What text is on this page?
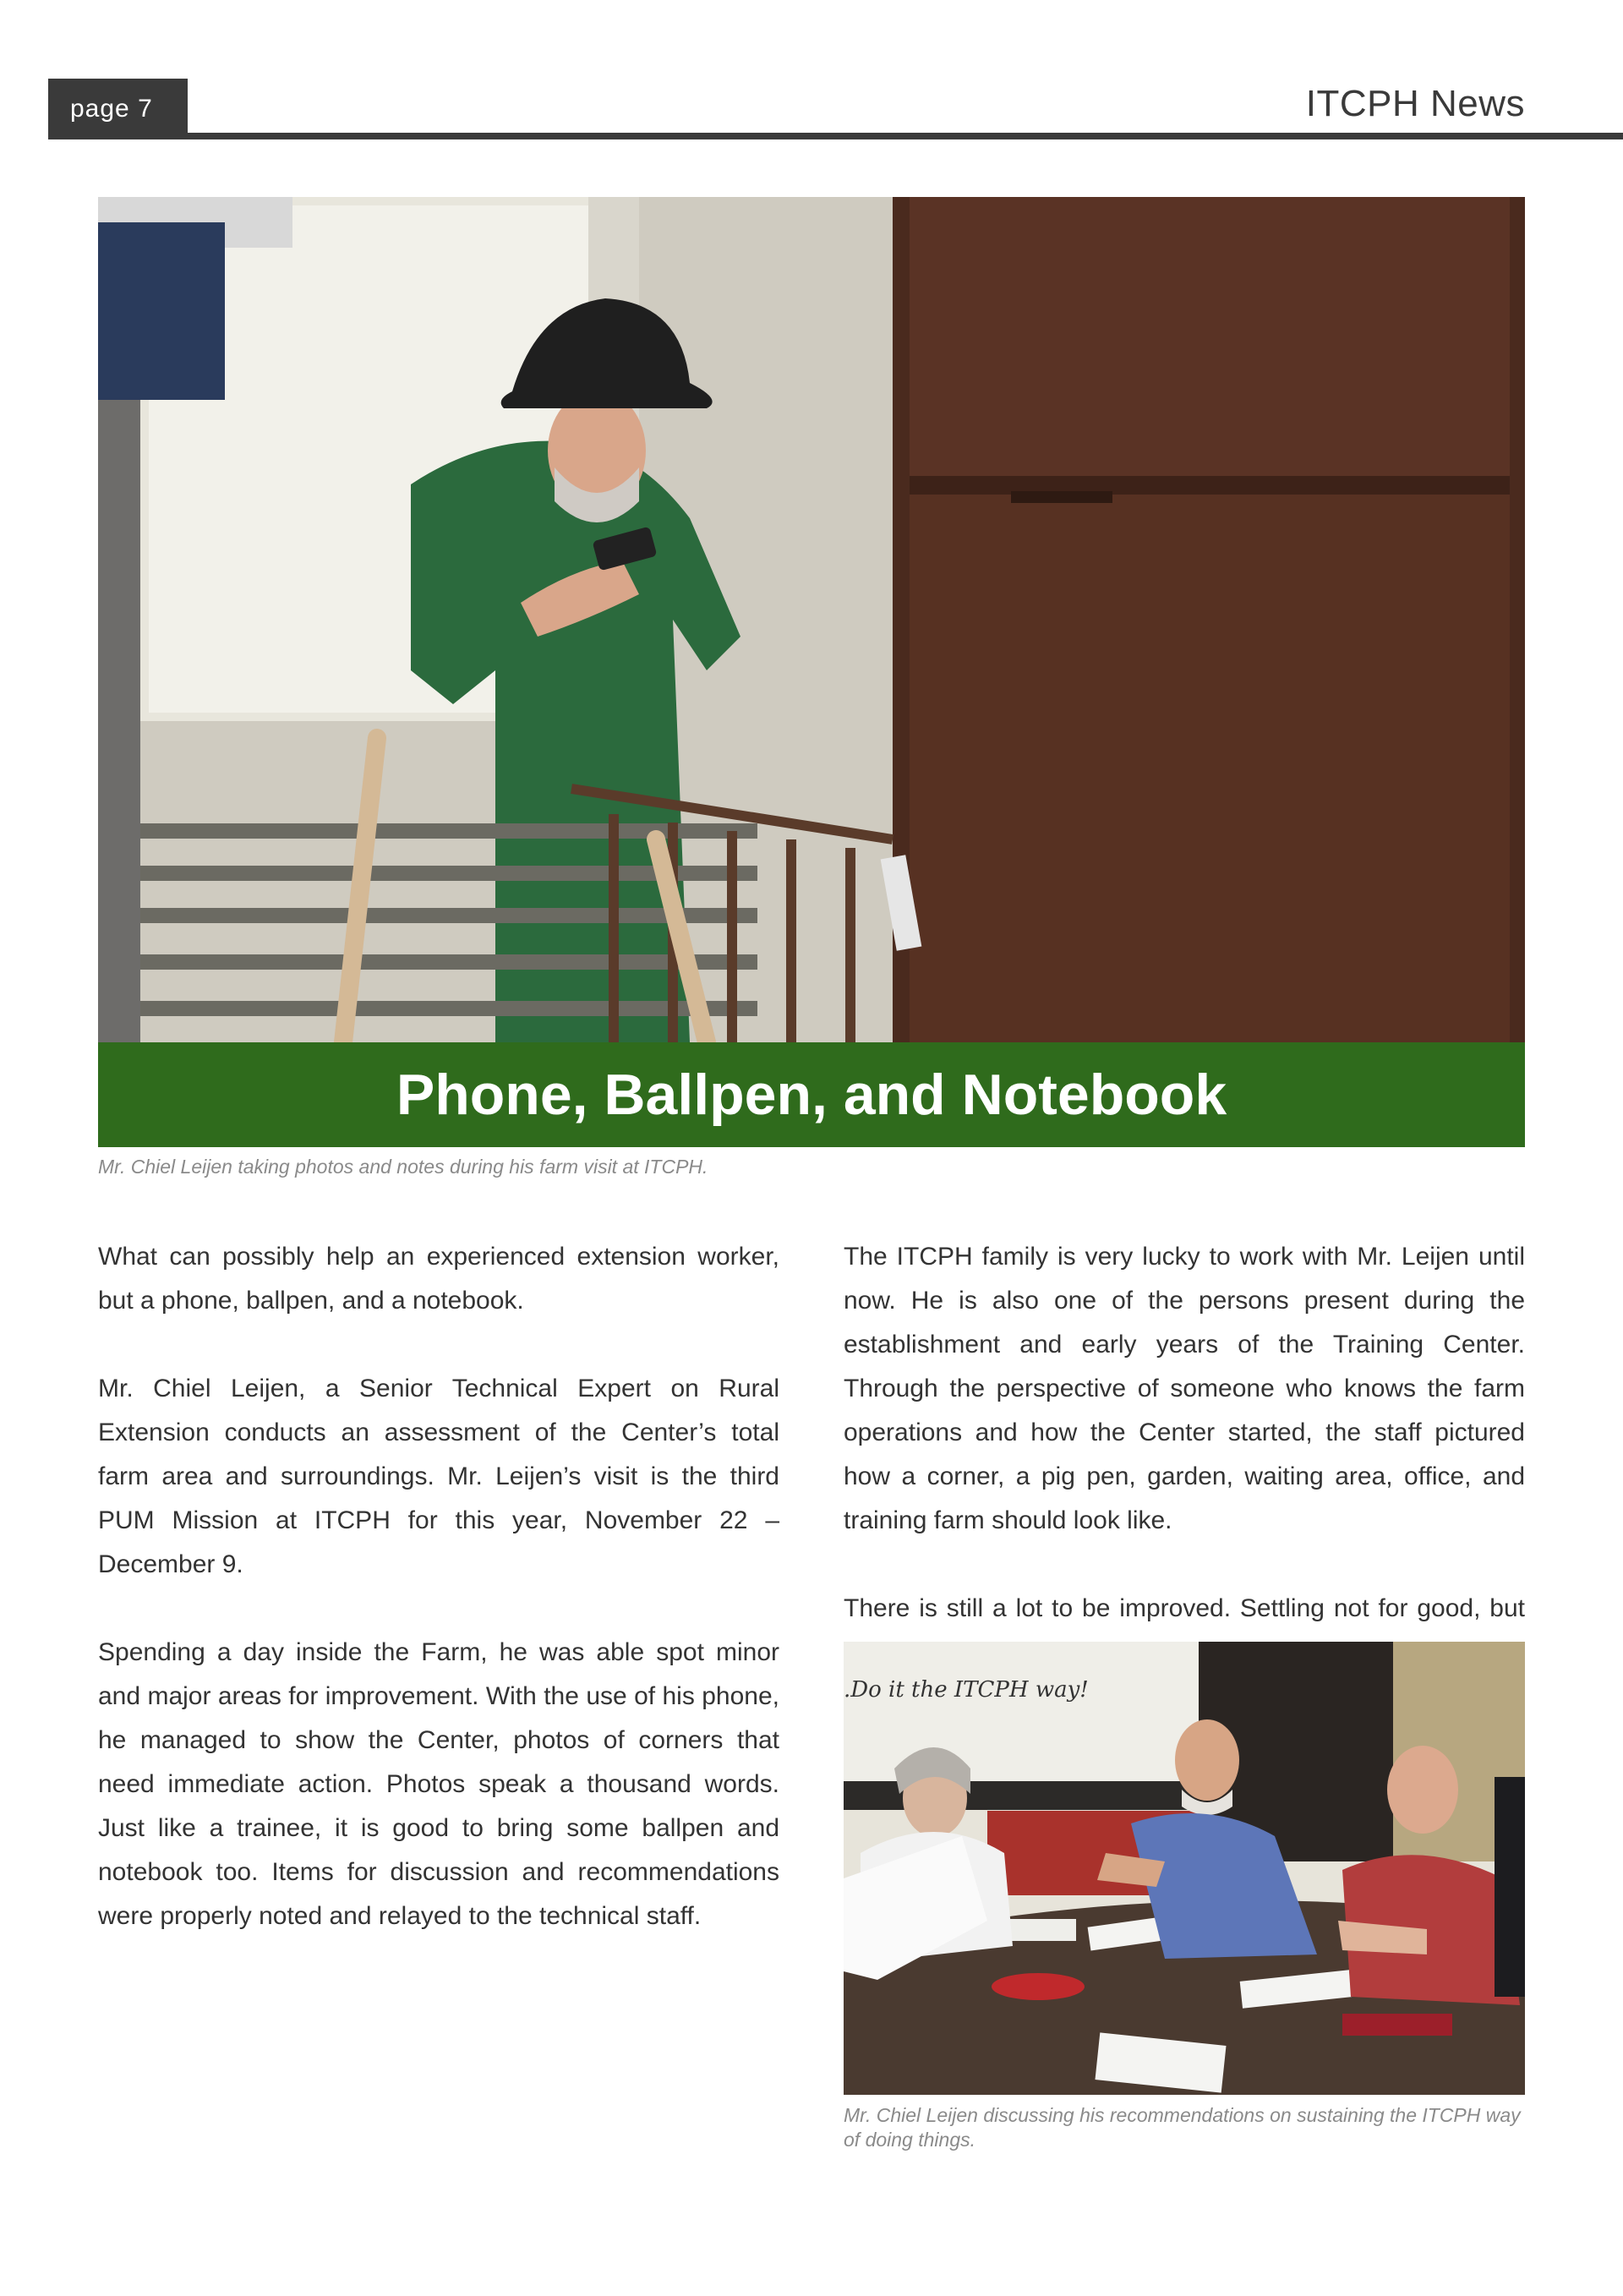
page 7	ITCPH News
Phone, Ballpen, and Notebook
Mr. Chiel Leijen taking photos and notes during his farm visit at ITCPH.

What can possibly help an experienced extension worker, but a phone, ballpen, and a notebook.

Mr. Chiel Leijen, a Senior Technical Expert on Rural Extension conducts an assessment of the Center’s total farm area and surroundings. Mr. Leijen’s visit is the third PUM Mission at ITCPH for this year, November 22 – December 9.

Spending a day inside the Farm, he was able spot minor and major areas for improvement. With the use of his phone, he managed to show the Center, photos of corners that need immediate action. Photos speak a thousand words. Just like a trainee, it is good to bring some ballpen and notebook too. Items for discussion and recommendations were properly noted and relayed to the technical staff.

The ITCPH family is very lucky to work with Mr. Leijen until now. He is also one of the persons present during the establishment and early years of the Training Center. Through the perspective of someone who knows the farm operations and how the Center started, the staff pictured how a corner, a pig pen, garden, waiting area, office, and training farm should look like.

There is still a lot to be improved. Settling not for good, but

.Do it the ITCPH way!
Mr. Chiel Leijen discussing his recommendations on sustaining the ITCPH way of doing things.
